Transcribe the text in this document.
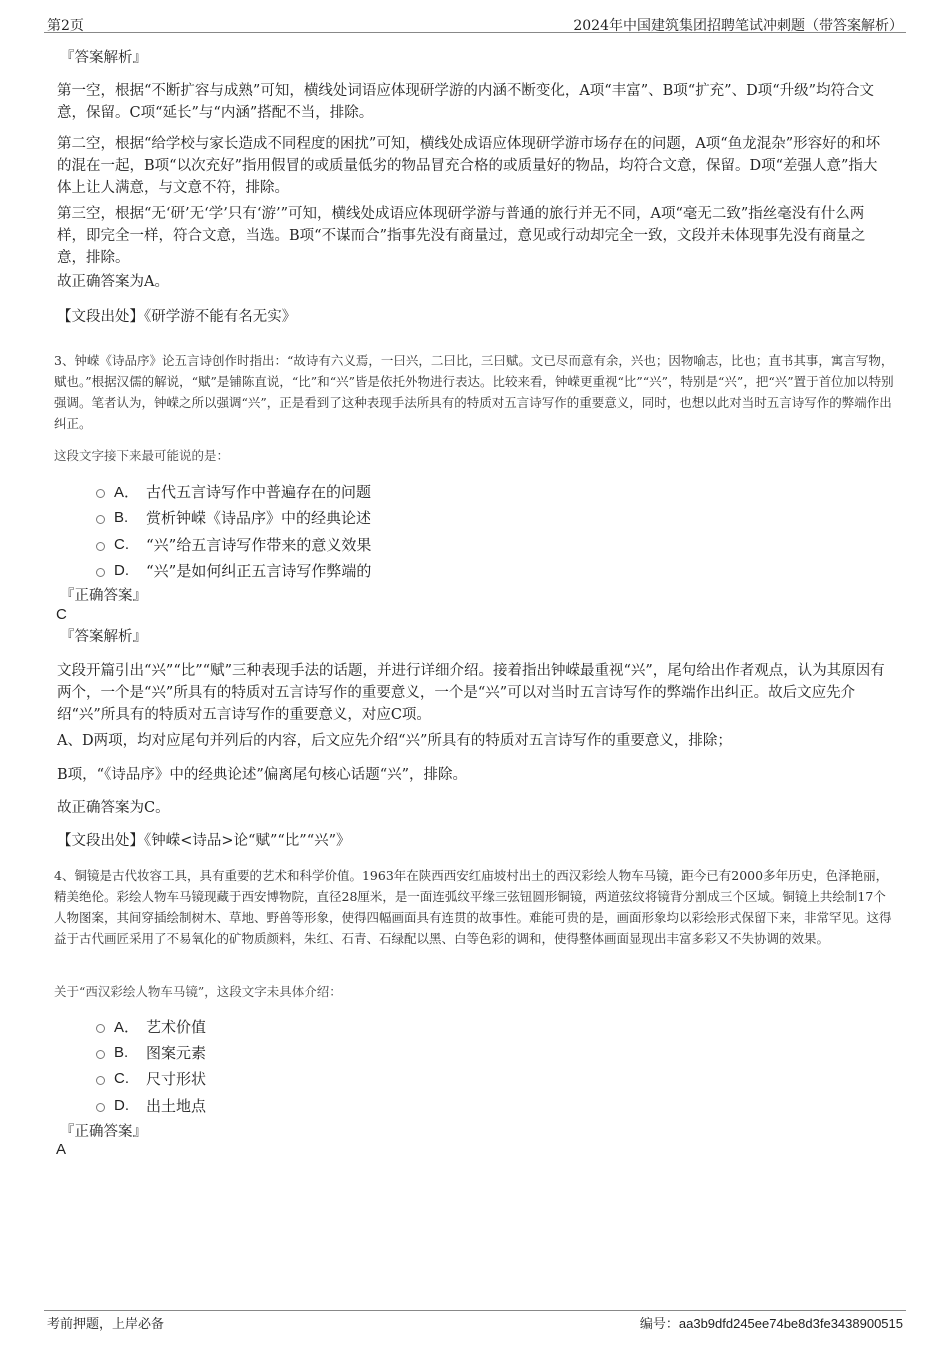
第2页	2024年中国建筑集团招聘笔试冲刺题（带答案解析）
『答案解析』
第一空，根据“不断扩容与成熟”可知，横线处词语应体现研学游的内涵不断变化，A项“丰富”、B项“扩充”、D项“升级”均符合文意，保留。C项“延长”与“内涵”搭配不当，排除。
第二空，根据“给学校与家长造成不同程度的困扰”可知，横线处成语应体现研学游市场存在的问题，A项“鱼龙混杂”形容好的和坏的混在一起，B项“以次充好”指用假冒的或质量低劣的物品冒充合格的或质量好的物品，均符合文意，保留。D项“差强人意”指大体上让人满意，与文意不符，排除。
第三空，根据“无‘研’无‘学’只有‘游’”可知，横线处成语应体现研学游与普通的旅行并无不同，A项“毫无二致”指丝毫没有什么两样，即完全一样，符合文意，当选。B项“不谋而合”指事先没有商量过，意见或行动却完全一致，文段并未体现事先没有商量之意，排除。
故正确答案为A。
【文段出处】《研学游不能有名无实》
3、钟嵘《诗品序》论五言诗创作时指出：“故诗有六义焉，一曰兴，二曰比，三曰赋。文已尽而意有余，兴也；因物喻志，比也；直书其事，寓言写物，赋也。”根据汉儒的解说，“赋”是铺陈直说，“比”和“兴”皆是依托外物进行表达。比较来看，钟嵘更重视“比”“兴”，特别是“兴”，把“兴”置于首位加以特别强调。笔者认为，钟嵘之所以强调“兴”，正是看到了这种表现手法所具有的特质对五言诗写作的重要意义，同时，也想以此对当时五言诗写作的弊端作出纠正。
这段文字接下来最可能说的是：
A． 古代五言诗写作中普遍存在的问题
B.	赏析钟嵘《诗品序》中的经典论述
C.	“兴”给五言诗写作带来的意义效果
D.	“兴”是如何纠正五言诗写作弊端的
『正确答案』
C
『答案解析』
文段开篇引出“兴”“比”“赋”三种表现手法的话题，并进行详细介绍。接着指出钟嵘最重视“兴”，尾句给出作者观点，认为其原因有两个，一个是“兴”所具有的特质对五言诗写作的重要意义，一个是“兴”可以对当时五言诗写作的弊端作出纠正。故后文应先介绍“兴”所具有的特质对五言诗写作的重要意义，对应C项。
A、D两项，均对应尾句并列后的内容，后文应先介绍“兴”所具有的特质对五言诗写作的重要意义，排除；
B项，“《诗品序》中的经典论述”偏离尾句核心话题“兴”，排除。
故正确答案为C。
【文段出处】《钟嵘<诗品>论“赋”“比”“兴”》
4、铜镜是古代妆容工具，具有重要的艺术和科学价值。1963年在陕西西安红庙坡村出土的西汉彩绘人物车马镜，距今已有2000多年历史，色泽艳丽，精美绝伦。彩绘人物车马镜现藏于西安博物院，直径28厘米，是一面连弧纹平缘三弦钮圆形铜镜，两道弦纹将镜背分割成三个区域。铜镜上共绘制17个人物图案，其间穿插绘制树木、草地、野兽等形象，使得四幅画面具有连贯的故事性。难能可贵的是，画面形象均以彩绘形式保留下来，非常罕见。这得益于古代画匠采用了不易氧化的矿物质颜料，朱红、石青、石绿配以黑、白等色彩的调和，使得整体画面显现出丰富多彩又不失协调的效果。
关于“西汉彩绘人物车马镜”，这段文字未具体介绍：
A． 艺术价值
B.	图案元素
C.	尺寸形状
D.	出土地点
『正确答案』
A
考前押题，上岸必备	编号：aa3b9dfd245ee74be8d3fe3438900515
